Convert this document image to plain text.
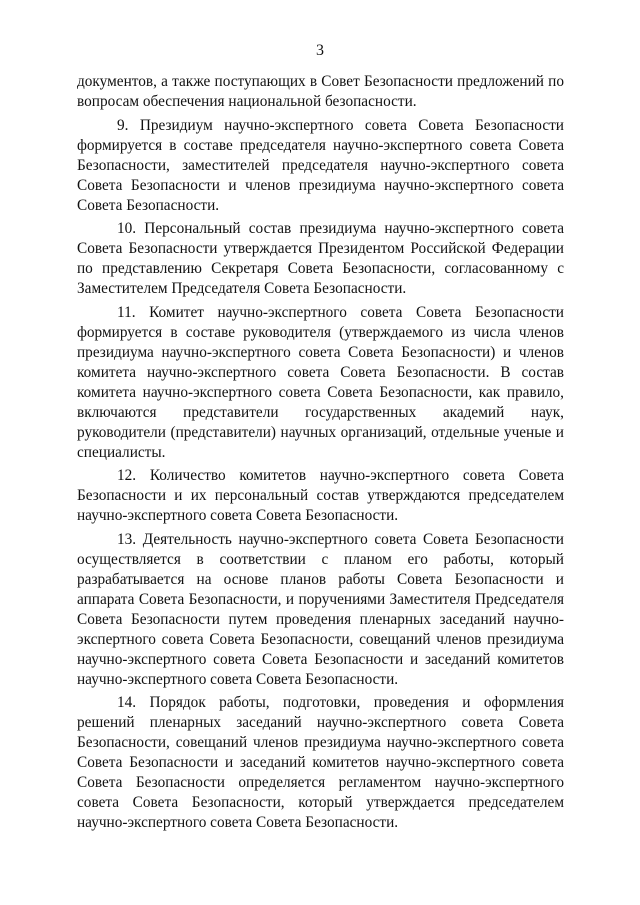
3

документов, а также поступающих в Совет Безопасности предложений по вопросам обеспечения национальной безопасности.

9. Президиум научно-экспертного совета Совета Безопасности формируется в составе председателя научно-экспертного совета Совета Безопасности, заместителей председателя научно-экспертного совета Совета Безопасности и членов президиума научно-экспертного совета Совета Безопасности.

10. Персональный состав президиума научно-экспертного совета Совета Безопасности утверждается Президентом Российской Федерации по представлению Секретаря Совета Безопасности, согласованному с Заместителем Председателя Совета Безопасности.

11. Комитет научно-экспертного совета Совета Безопасности формируется в составе руководителя (утверждаемого из числа членов президиума научно-экспертного совета Совета Безопасности) и членов комитета научно-экспертного совета Совета Безопасности. В состав комитета научно-экспертного совета Совета Безопасности, как правило, включаются представители государственных академий наук, руководители (представители) научных организаций, отдельные ученые и специалисты.

12. Количество комитетов научно-экспертного совета Совета Безопасности и их персональный состав утверждаются председателем научно-экспертного совета Совета Безопасности.

13. Деятельность научно-экспертного совета Совета Безопасности осуществляется в соответствии с планом его работы, который разрабатывается на основе планов работы Совета Безопасности и аппарата Совета Безопасности, и поручениями Заместителя Председателя Совета Безопасности путем проведения пленарных заседаний научно-экспертного совета Совета Безопасности, совещаний членов президиума научно-экспертного совета Совета Безопасности и заседаний комитетов научно-экспертного совета Совета Безопасности.

14. Порядок работы, подготовки, проведения и оформления решений пленарных заседаний научно-экспертного совета Совета Безопасности, совещаний членов президиума научно-экспертного совета Совета Безопасности и заседаний комитетов научно-экспертного совета Совета Безопасности определяется регламентом научно-экспертного совета Совета Безопасности, который утверждается председателем научно-экспертного совета Совета Безопасности.
